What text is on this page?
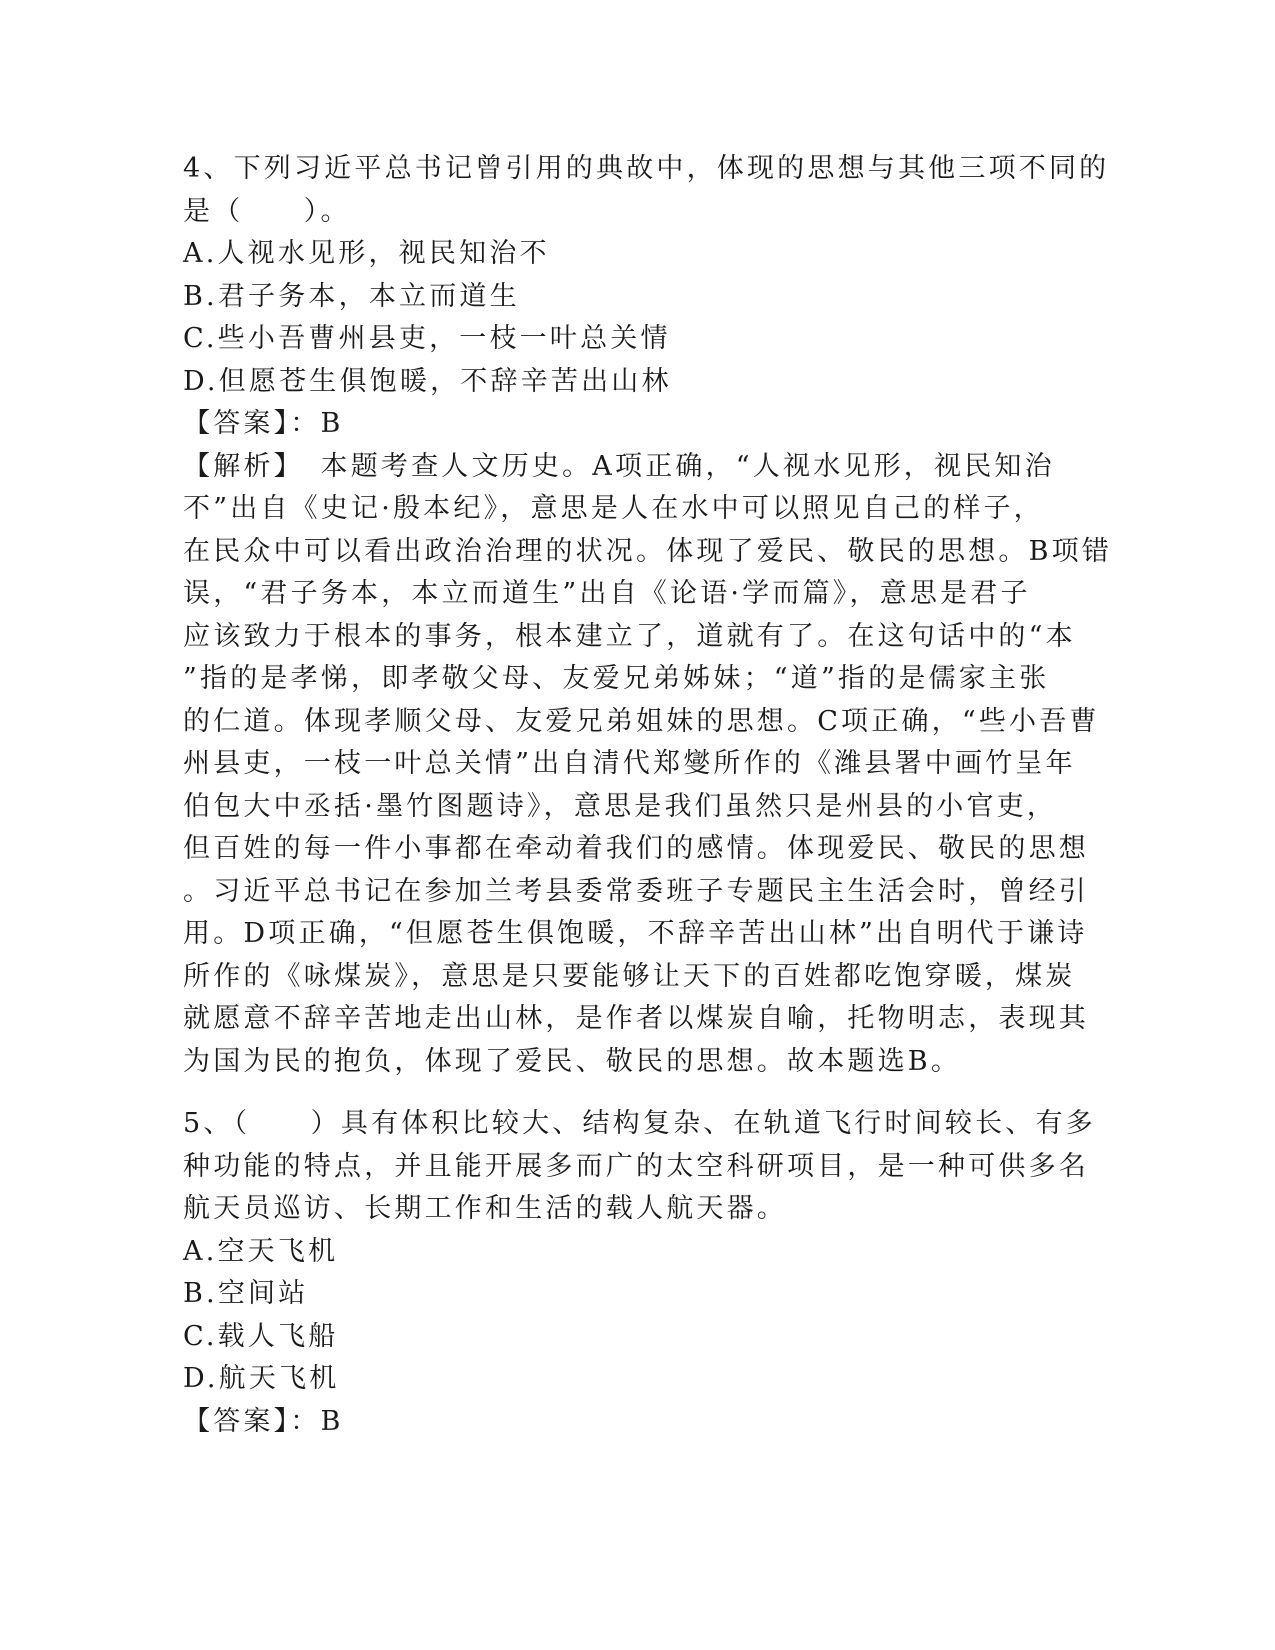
4、下列习近平总书记曾引用的典故中，体现的思想与其他三项不同的

是（　　）。

A.人视水见形，视民知治不

B.君子务本，本立而道生

C.些小吾曹州县吏，一枝一叶总关情

D.但愿苍生俱饱暖，不辞辛苦出山林

【答案】：B

【解析】　本题考查人文历史。A项正确，“人视水见形，视民知治

不”出自《史记·殷本纪》，意思是人在水中可以照见自己的样子，

在民众中可以看出政治治理的状况。体现了爱民、敬民的思想。B项错

误，“君子务本，本立而道生”出自《论语·学而篇》，意思是君子

应该致力于根本的事务，根本建立了，道就有了。在这句话中的“本

”指的是孝悌，即孝敬父母、友爱兄弟姊妹；“道”指的是儒家主张

的仁道。体现孝顺父母、友爱兄弟姐妹的思想。C项正确，“些小吾曹

州县吏，一枝一叶总关情”出自清代郑燮所作的《潍县署中画竹呈年

伯包大中丞括·墨竹图题诗》，意思是我们虽然只是州县的小官吏，

但百姓的每一件小事都在牵动着我们的感情。体现爱民、敬民的思想

。习近平总书记在参加兰考县委常委班子专题民主生活会时，曾经引

用。D项正确，“但愿苍生俱饱暖，不辞辛苦出山林”出自明代于谦诗

所作的《咏煤炭》，意思是只要能够让天下的百姓都吃饱穿暖，煤炭

就愿意不辞辛苦地走出山林，是作者以煤炭自喻，托物明志，表现其

为国为民的抱负，体现了爱民、敬民的思想。故本题选B。

5、（　　）具有体积比较大、结构复杂、在轨道飞行时间较长、有多

种功能的特点，并且能开展多而广的太空科研项目，是一种可供多名

航天员巡访、长期工作和生活的载人航天器。

A.空天飞机

B.空间站

C.载人飞船

D.航天飞机

【答案】：B
